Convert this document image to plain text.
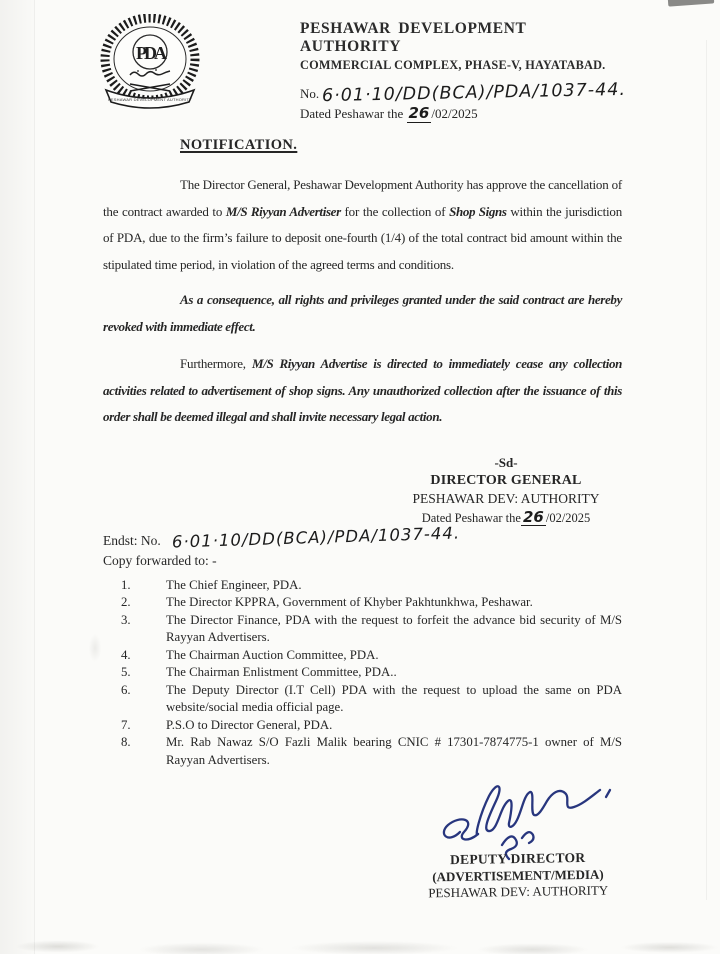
PDA
PESHAWAR DEVELOPMENT AUTHORITY
PESHAWAR DEVELOPMENT AUTHORITY
COMMERCIAL COMPLEX, PHASE-V, HAYATABAD.
No. 6·01·10/DD(BCA)/PDA/1037-44.
Dated Peshawar the 26 /02/2025
NOTIFICATION.

The Director General, Peshawar Development Authority has approve the cancellation of the contract awarded to M/S Riyyan Advertiser for the collection of Shop Signs within the jurisdiction of PDA, due to the firm’s failure to deposit one-fourth (1/4) of the total contract bid amount within the stipulated time period, in violation of the agreed terms and conditions.

As a consequence, all rights and privileges granted under the said contract are hereby revoked with immediate effect.

Furthermore, M/S Riyyan Advertise is directed to immediately cease any collection activities related to advertisement of shop signs. Any unauthorized collection after the issuance of this order shall be deemed illegal and shall invite necessary legal action.

-Sd-
DIRECTOR GENERAL
PESHAWAR DEV: AUTHORITY
Dated Peshawar the 26 /02/2025
Endst: No. 6·01·10/DD(BCA)/PDA/1037-44.
Copy forwarded to: -
1.	The Chief Engineer, PDA.
2.	The Director KPPRA, Government of Khyber Pakhtunkhwa, Peshawar.
3.	The Director Finance, PDA with the request to forfeit the advance bid security of M/S Rayyan Advertisers.
4.	The Chairman Auction Committee, PDA.
5.	The Chairman Enlistment Committee, PDA..
6.	The Deputy Director (I.T Cell) PDA with the request to upload the same on PDA website/social media official page.
7.	P.S.O to Director General, PDA.
8.	Mr. Rab Nawaz S/O Fazli Malik bearing CNIC # 17301-7874775-1 owner of M/S Rayyan Advertisers.
DEPUTY DIRECTOR
(ADVERTISEMENT/MEDIA)
PESHAWAR DEV: AUTHORITY
